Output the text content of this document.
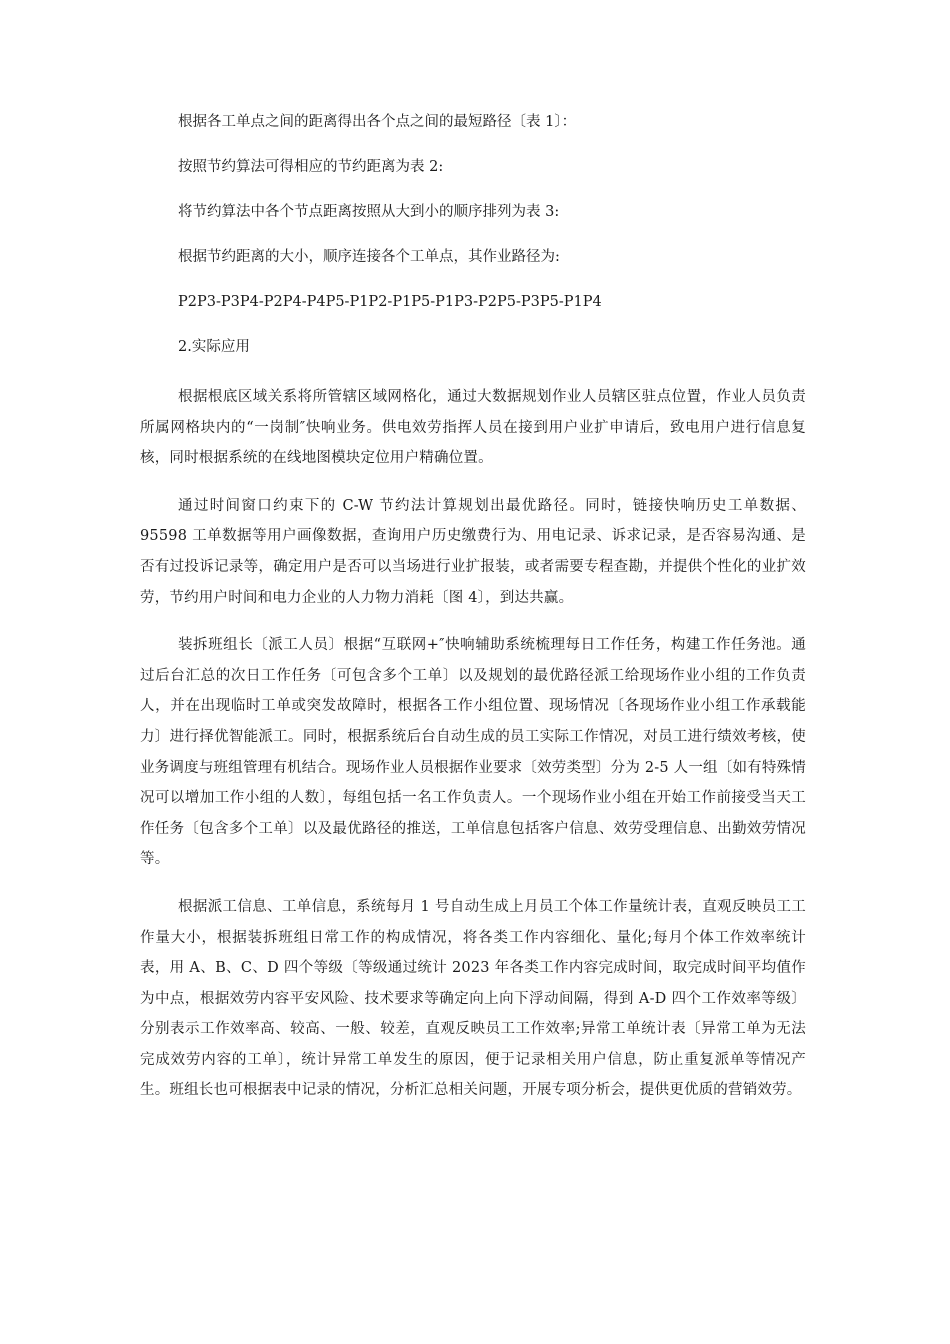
根据各工单点之间的距离得出各个点之间的最短路径〔表 1〕：
按照节约算法可得相应的节约距离为表 2:
将节约算法中各个节点距离按照从大到小的顺序排列为表 3:
根据节约距离的大小，顺序连接各个工单点，其作业路径为:
P2P3-P3P4-P2P4-P4P5-P1P2-P1P5-P1P3-P2P5-P3P5-P1P4
2.实际应用

根据根底区域关系将所管辖区域网格化，通过大数据规划作业人员辖区驻点位置，作业人员负责所属网格块内的“一岗制″快响业务。供电效劳指挥人员在接到用户业扩申请后，致电用户进行信息复核，同时根据系统的在线地图模块定位用户精确位置。

通过时间窗口约束下的 C-W 节约法计算规划出最优路径。同时，链接快响历史工单数据、95598 工单数据等用户画像数据，查询用户历史缴费行为、用电记录、诉求记录，是否容易沟通、是否有过投诉记录等，确定用户是否可以当场进行业扩报装，或者需要专程查勘，并提供个性化的业扩效劳，节约用户时间和电力企业的人力物力消耗〔图 4〕，到达共赢。

装拆班组长〔派工人员〕根据“互联网+″快响辅助系统梳理每日工作任务，构建工作任务池。通过后台汇总的次日工作任务〔可包含多个工单〕以及规划的最优路径派工给现场作业小组的工作负责人，并在出现临时工单或突发故障时，根据各工作小组位置、现场情况〔各现场作业小组工作承载能力〕进行择优智能派工。同时，根据系统后台自动生成的员工实际工作情况，对员工进行绩效考核，使业务调度与班组管理有机结合。现场作业人员根据作业要求〔效劳类型〕分为 2-5 人一组〔如有特殊情况可以增加工作小组的人数〕，每组包括一名工作负责人。一个现场作业小组在开始工作前接受当天工作任务〔包含多个工单〕以及最优路径的推送，工单信息包括客户信息、效劳受理信息、出勤效劳情况等。

根据派工信息、工单信息，系统每月 1 号自动生成上月员工个体工作量统计表，直观反映员工工作量大小，根据装拆班组日常工作的构成情况，将各类工作内容细化、量化;每月个体工作效率统计表，用 A、B、C、D 四个等级〔等级通过统计 2023 年各类工作内容完成时间，取完成时间平均值作为中点，根据效劳内容平安风险、技术要求等确定向上向下浮动间隔，得到 A-D 四个工作效率等级〕分别表示工作效率高、较高、一般、较差，直观反映员工工作效率;异常工单统计表〔异常工单为无法完成效劳内容的工单〕，统计异常工单发生的原因，便于记录相关用户信息，防止重复派单等情况产生。班组长也可根据表中记录的情况，分析汇总相关问题，开展专项分析会，提供更优质的营销效劳。
